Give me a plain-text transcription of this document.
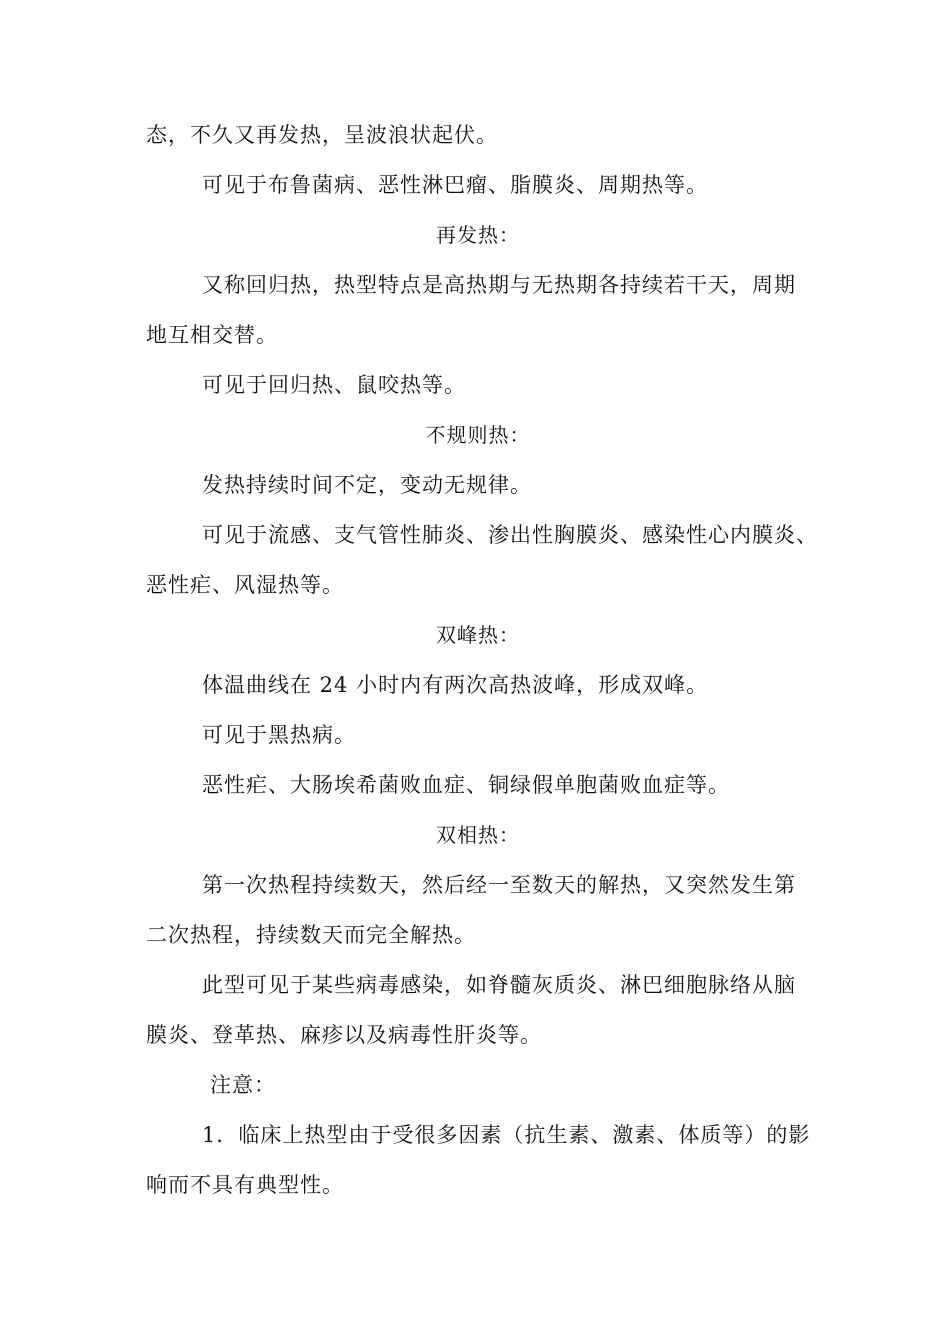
态，不久又再发热，呈波浪状起伏。
可见于布鲁菌病、恶性淋巴瘤、脂膜炎、周期热等。
再发热：
又称回归热，热型特点是高热期与无热期各持续若干天，周期
地互相交替。
可见于回归热、鼠咬热等。
不规则热：
发热持续时间不定，变动无规律。
可见于流感、支气管性肺炎、渗出性胸膜炎、感染性心内膜炎、
恶性疟、风湿热等。
双峰热：
体温曲线在 24 小时内有两次高热波峰，形成双峰。
可见于黑热病。
恶性疟、大肠埃希菌败血症、铜绿假单胞菌败血症等。
双相热：
第一次热程持续数天，然后经一至数天的解热，又突然发生第
二次热程，持续数天而完全解热。
此型可见于某些病毒感染，如脊髓灰质炎、淋巴细胞脉络从脑
膜炎、登革热、麻疹以及病毒性肝炎等。
注意：
1．临床上热型由于受很多因素（抗生素、激素、体质等）的影
响而不具有典型性。
